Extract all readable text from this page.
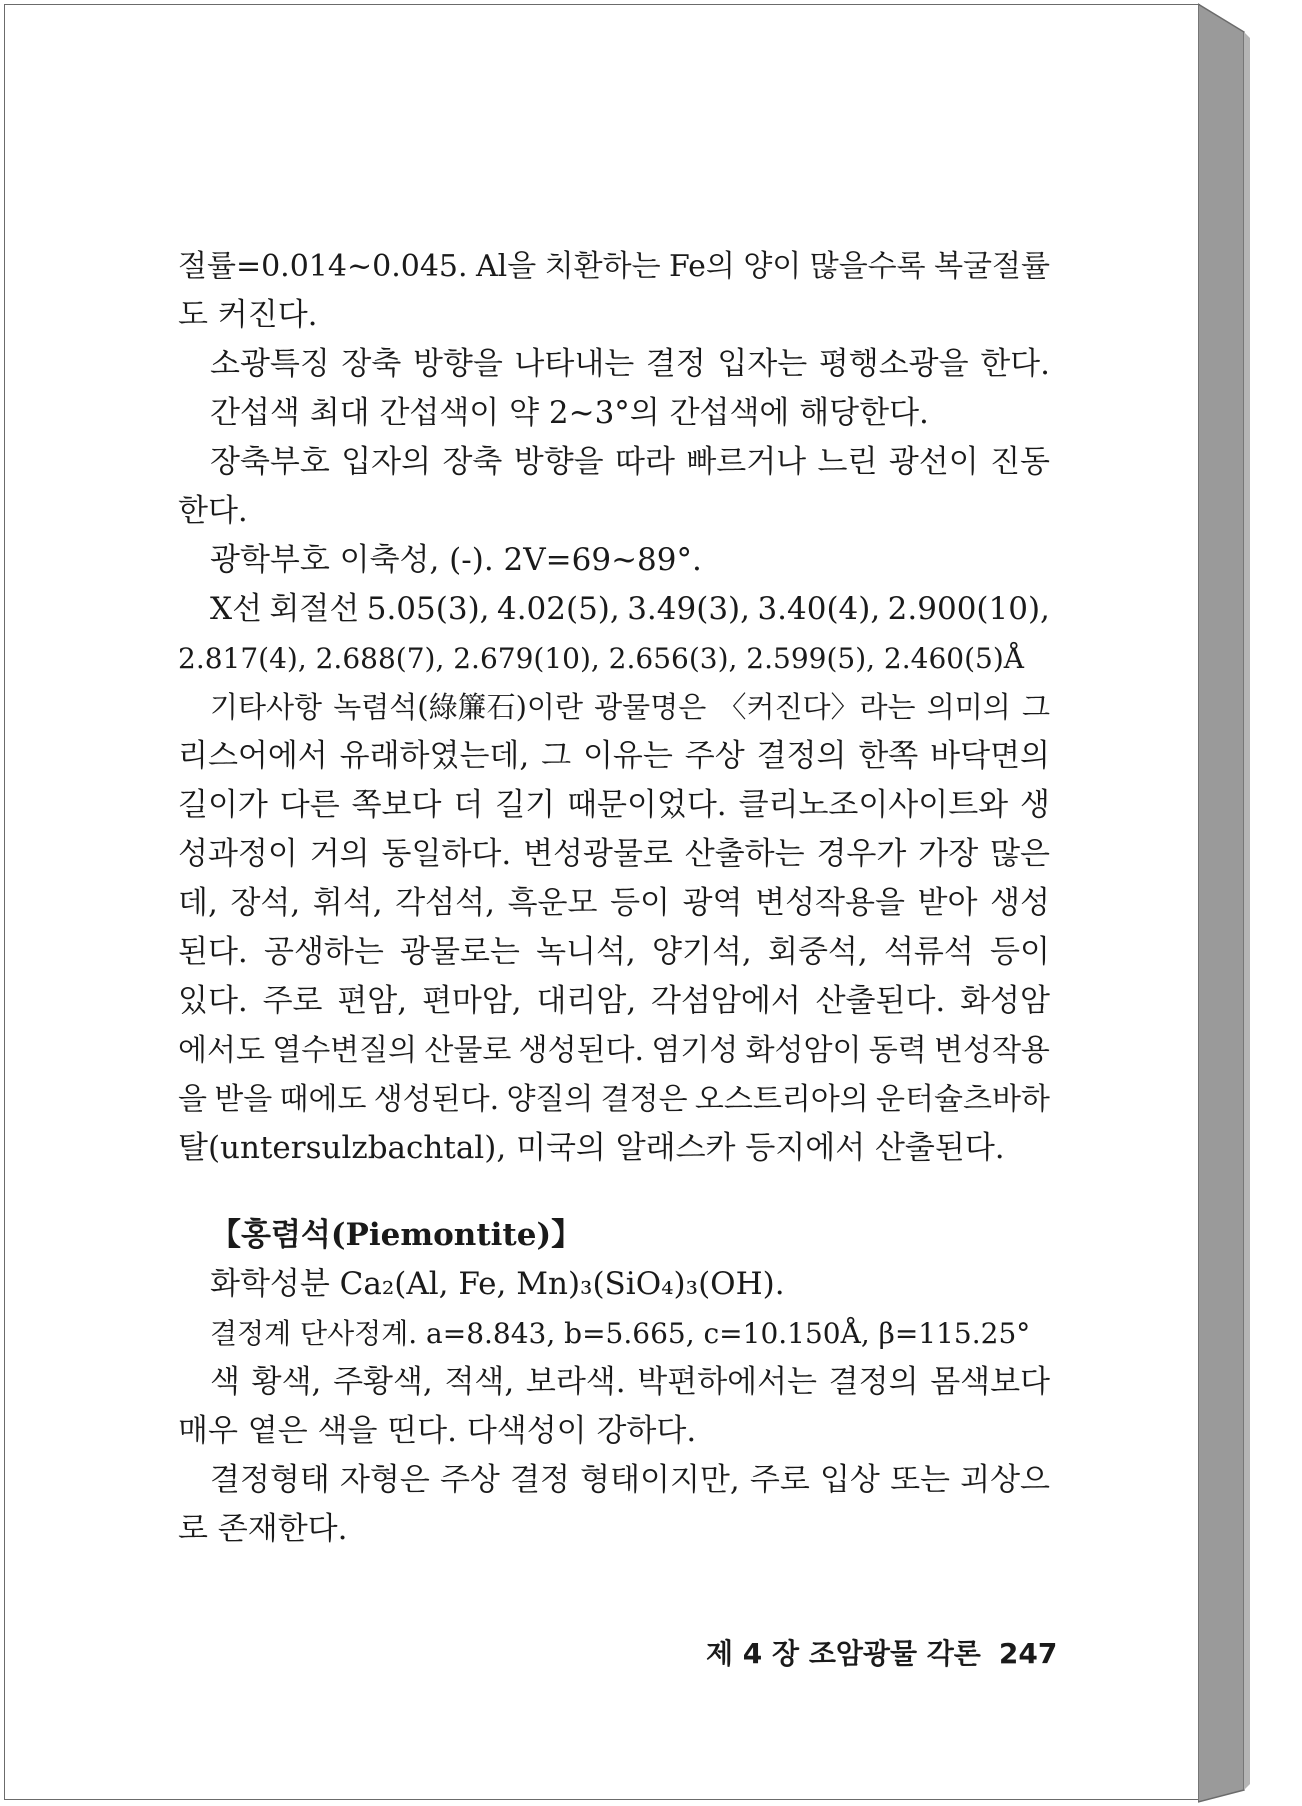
절률=0.014~0.045. Al을 치환하는 Fe의 양이 많을수록 복굴절률
도 커진다.
소광특징 장축 방향을 나타내는 결정 입자는 평행소광을 한다.
간섭색 최대 간섭색이 약 2~3°의 간섭색에 해당한다.
장축부호 입자의 장축 방향을 따라 빠르거나 느린 광선이 진동
한다.
광학부호 이축성, (-). 2V=69~89°.
X선 회절선 5.05(3), 4.02(5), 3.49(3), 3.40(4), 2.900(10),
2.817(4), 2.688(7), 2.679(10), 2.656(3), 2.599(5), 2.460(5)Å
기타사항 녹렴석(綠簾石)이란 광물명은 〈커진다〉라는 의미의 그
리스어에서 유래하였는데, 그 이유는 주상 결정의 한쪽 바닥면의
길이가 다른 쪽보다 더 길기 때문이었다. 클리노조이사이트와 생
성과정이 거의 동일하다. 변성광물로 산출하는 경우가 가장 많은
데, 장석, 휘석, 각섬석, 흑운모 등이 광역 변성작용을 받아 생성
된다. 공생하는 광물로는 녹니석, 양기석, 회중석, 석류석 등이
있다. 주로 편암, 편마암, 대리암, 각섬암에서 산출된다. 화성암
에서도 열수변질의 산물로 생성된다. 염기성 화성암이 동력 변성작용
을 받을 때에도 생성된다. 양질의 결정은 오스트리아의 운터슐츠바하
탈(untersulzbachtal), 미국의 알래스카 등지에서 산출된다.
【홍렴석(Piemontite)】
화학성분 Ca₂(Al, Fe, Mn)₃(SiO₄)₃(OH).
결정계 단사정계. a=8.843, b=5.665, c=10.150Å, β=115.25°
색 황색, 주황색, 적색, 보라색. 박편하에서는 결정의 몸색보다
매우 옅은 색을 띤다. 다색성이 강하다.
결정형태 자형은 주상 결정 형태이지만, 주로 입상 또는 괴상으
로 존재한다.
제 4 장 조암광물 각론 247
